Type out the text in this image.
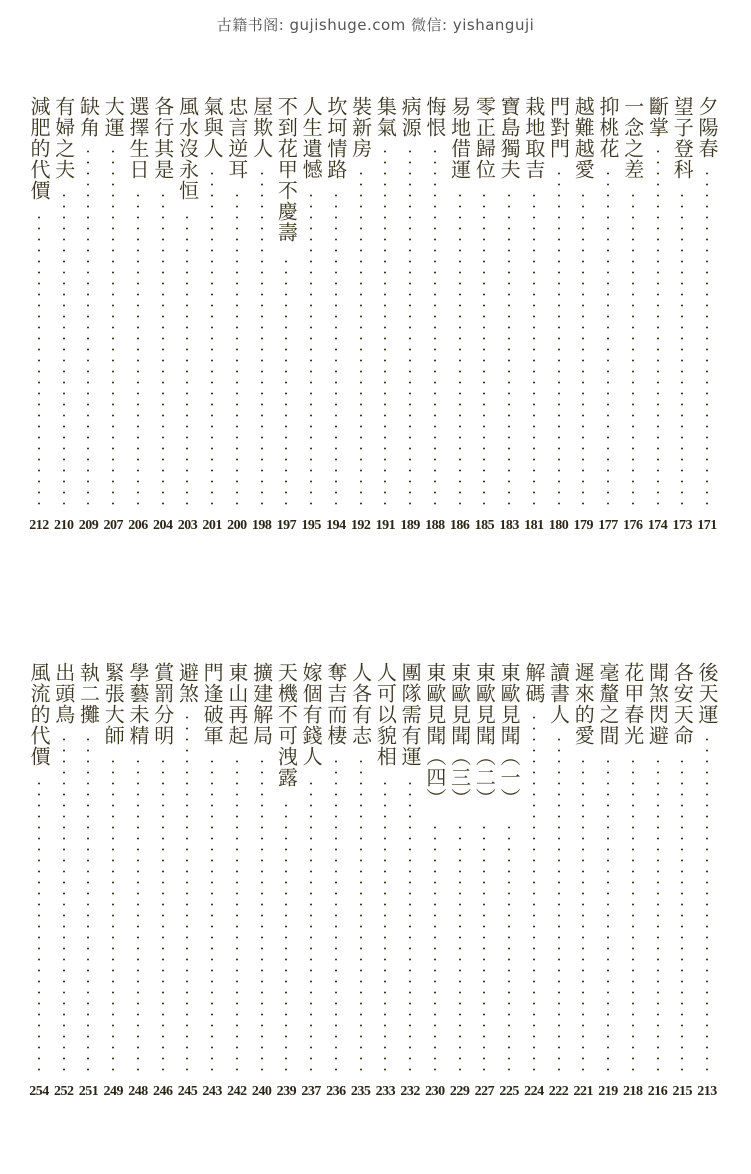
古籍书阁: gujishuge.com 微信: yishanguji
夕陽春
171
望子登科
173
斷掌
174
一念之差
176
抑桃花
177
越難越愛
179
門對門
180
栽地取吉
181
寶島獨夫
183
零正歸位
185
易地借運
186
悔恨
188
病源
189
集氣
191
裝新房
192
坎坷情路
194
人生遺憾
195
不到花甲不慶壽
197
屋欺人
198
忠言逆耳
200
氣與人
201
風水沒永恒
203
各行其是
204
選擇生日
206
大運
207
缺角
209
有婦之夫
210
減肥的代價
212
後天運
213
各安天命
215
聞煞閃避
216
花甲春光
218
毫釐之間
219
遲來的愛
221
讀書人
222
解碼
224
東歐見聞（一）
225
東歐見聞（二）
227
東歐見聞（三）
229
東歐見聞（四）
230
團隊需有運
232
人可以貌相
233
人各有志
235
奪吉而棲
236
嫁個有錢人
237
天機不可洩露
239
擴建解局
240
東山再起
242
門逢破軍
243
避煞
245
賞罰分明
246
學藝未精
248
緊張大師
249
執二攤
251
出頭鳥
252
風流的代價
254
